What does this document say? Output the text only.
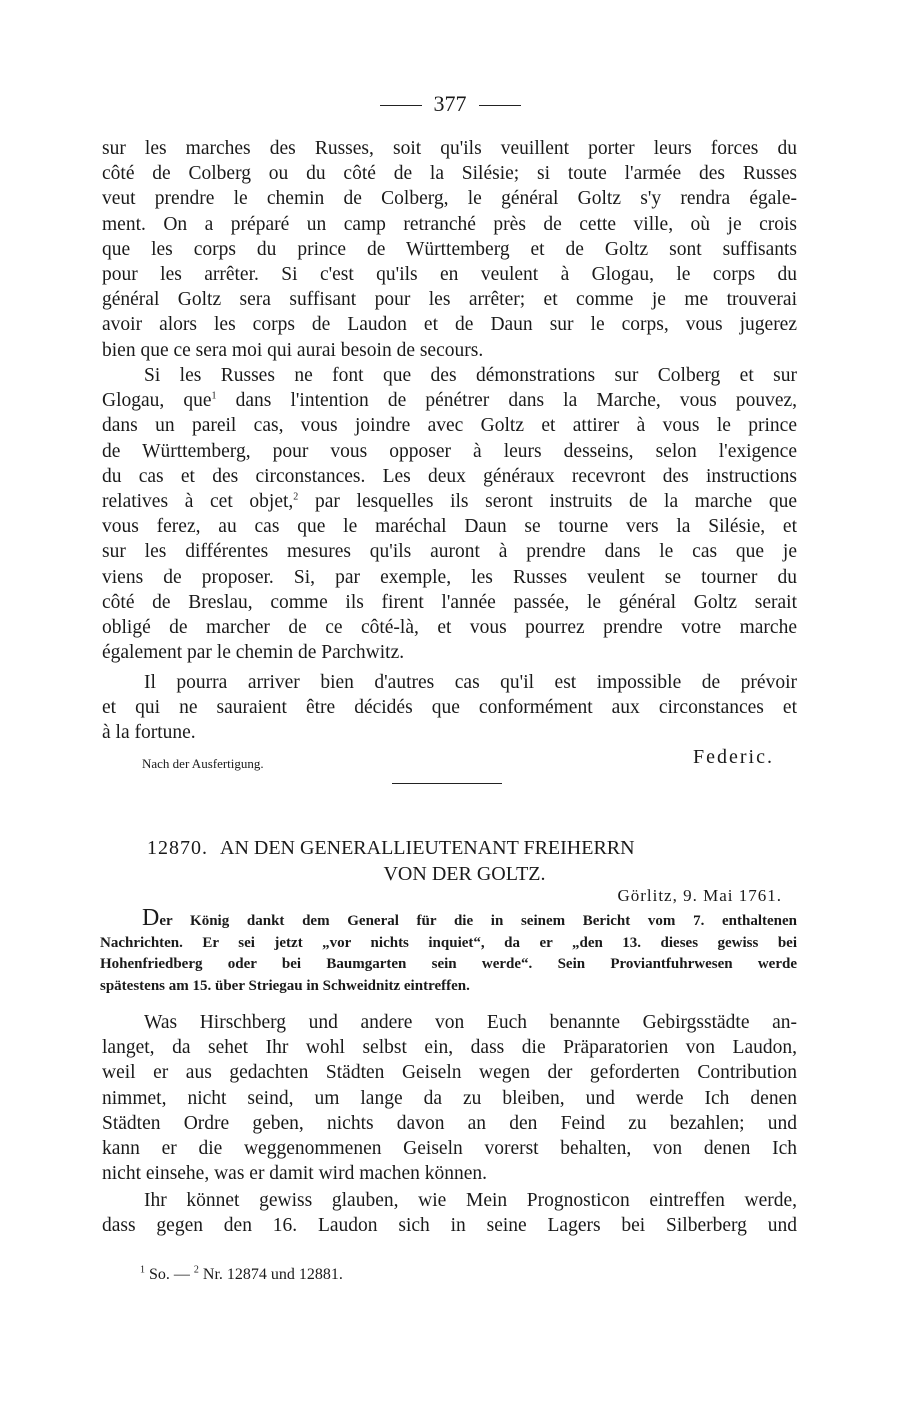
377
sur les marches des Russes, soit qu'ils veuillent porter leurs forces du
côté de Colberg ou du côté de la Silésie; si toute l'armée des Russes
veut prendre le chemin de Colberg, le général Goltz s'y rendra égale-
ment. On a préparé un camp retranché près de cette ville, où je crois
que les corps du prince de Württemberg et de Goltz sont suffisants
pour les arrêter. Si c'est qu'ils en veulent à Glogau, le corps du
général Goltz sera suffisant pour les arrêter; et comme je me trouverai
avoir alors les corps de Laudon et de Daun sur le corps, vous jugerez
bien que ce sera moi qui aurai besoin de secours.
Si les Russes ne font que des démonstrations sur Colberg et sur
Glogau, que$^1$ dans l'intention de pénétrer dans la Marche, vous pouvez,
dans un pareil cas, vous joindre avec Goltz et attirer à vous le prince
de Württemberg, pour vous opposer à leurs desseins, selon l'exigence
du cas et des circonstances. Les deux généraux recevront des instructions
relatives à cet objet,$^2$ par lesquelles ils seront instruits de la marche que
vous ferez, au cas que le maréchal Daun se tourne vers la Silésie, et
sur les différentes mesures qu'ils auront à prendre dans le cas que je
viens de proposer. Si, par exemple, les Russes veulent se tourner du
côté de Breslau, comme ils firent l'année passée, le général Goltz serait
obligé de marcher de ce côté-là, et vous pourrez prendre votre marche
également par le chemin de Parchwitz.
Il pourra arriver bien d'autres cas qu'il est impossible de prévoir
et qui ne sauraient être décidés que conformément aux circonstances et
à la fortune.
Nach der Ausfertigung.	Federic.
12870. AN DEN GENERALLIEUTENANT FREIHERRN
VON DER GOLTZ.
Görlitz, 9. Mai 1761.
Der König dankt dem General für die in seinem Bericht vom 7. enthaltenen
Nachrichten. Er sei jetzt „vor nichts inquiet“, da er „den 13. dieses gewiss bei
Hohenfriedberg oder bei Baumgarten sein werde“. Sein Proviantfuhrwesen werde
spätestens am 15. über Striegau in Schweidnitz eintreffen.
Was Hirschberg und andere von Euch benannte Gebirgsstädte an-
langet, da sehet Ihr wohl selbst ein, dass die Präparatorien von Laudon,
weil er aus gedachten Städten Geiseln wegen der geforderten Contribution
nimmet, nicht seind, um lange da zu bleiben, und werde Ich denen
Städten Ordre geben, nichts davon an den Feind zu bezahlen; und
kann er die weggenommenen Geiseln vorerst behalten, von denen Ich
nicht einsehe, was er damit wird machen können.
Ihr könnet gewiss glauben, wie Mein Prognosticon eintreffen werde,
dass gegen den 16. Laudon sich in seine Lagers bei Silberberg und
$^1$ So. — $^2$ Nr. 12874 und 12881.
